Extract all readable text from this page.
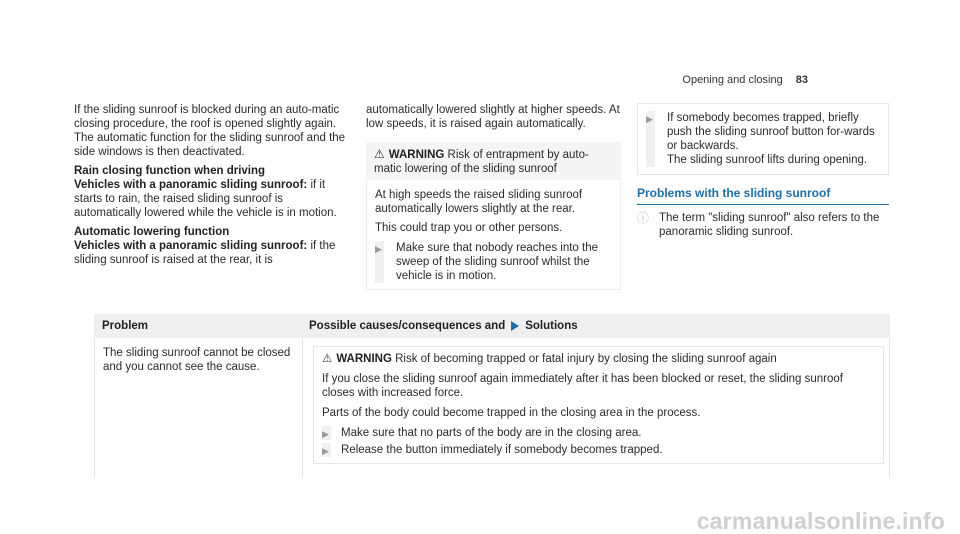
Opening and closing 83

If the sliding sunroof is blocked during an auto-matic closing procedure, the roof is opened slightly again. The automatic function for the sliding sunroof and the side windows is then deactivated.

Rain closing function when driving

Vehicles with a panoramic sliding sunroof: if it starts to rain, the raised sliding sunroof is automatically lowered while the vehicle is in motion.

Automatic lowering function

Vehicles with a panoramic sliding sunroof: if the sliding sunroof is raised at the rear, it is

automatically lowered slightly at higher speeds. At low speeds, it is raised again automatically.

⚠ WARNING Risk of entrapment by auto-matic lowering of the sliding sunroof

At high speeds the raised sliding sunroof automatically lowers slightly at the rear.

This could trap you or other persons.

▶ Make sure that nobody reaches into the sweep of the sliding sunroof whilst the vehicle is in motion.
▶ If somebody becomes trapped, briefly push the sliding sunroof button for-wards or backwards.
The sliding sunroof lifts during opening.
Problems with the sliding sunroof
ⓘ The term "sliding sunroof" also refers to the panoramic sliding sunroof.
Problem	Possible causes/consequences and Solutions
The sliding sunroof cannot be closed and you cannot see the cause.

⚠ WARNING Risk of becoming trapped or fatal injury by closing the sliding sunroof again

If you close the sliding sunroof again immediately after it has been blocked or reset, the sliding sunroof closes with increased force.

Parts of the body could become trapped in the closing area in the process.

▶ Make sure that no parts of the body are in the closing area.
▶ Release the button immediately if somebody becomes trapped.
carmanualsonline.info
